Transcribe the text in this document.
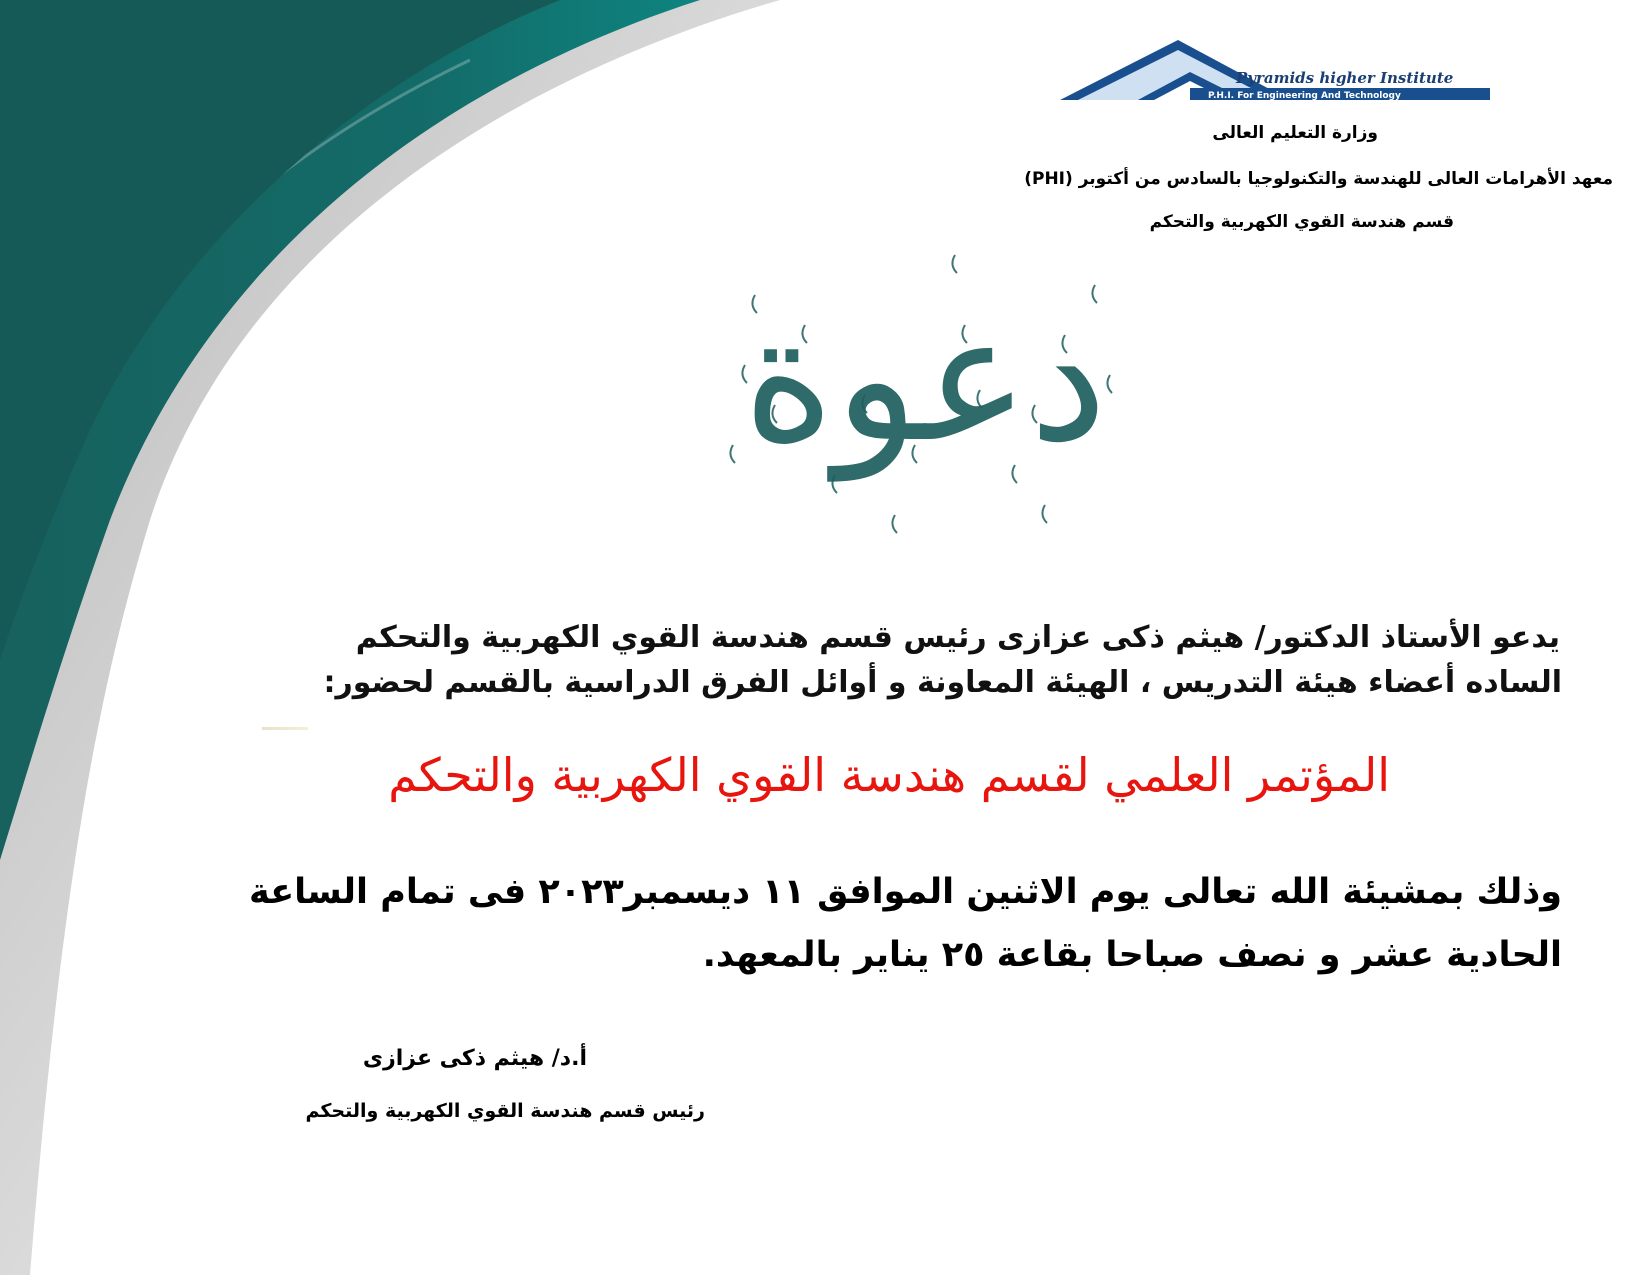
Pyramids higher Institute
P.H.I. For Engineering And Technology
وزارة التعليم العالى
معهد الأهرامات العالى للهندسة والتكنولوجيا بالسادس من أكتوبر (PHI)
قسم هندسة القوي الكهربية والتحكم
دعوة
يدعو الأستاذ الدكتور/ هيثم ذكى عزازى رئيس قسم هندسة القوي الكهربية والتحكم
الساده أعضاء هيئة التدريس ، الهيئة المعاونة و أوائل الفرق الدراسية بالقسم لحضور:
المؤتمر العلمي لقسم هندسة القوي الكهربية والتحكم
وذلك بمشيئة الله تعالى يوم الاثنين الموافق ١١ ديسمبر٢٠٢٣ فى تمام الساعة
الحادية عشر و نصف صباحا بقاعة ٢٥ يناير بالمعهد.
أ.د/ هيثم ذكى عزازى
رئيس قسم هندسة القوي الكهربية والتحكم
